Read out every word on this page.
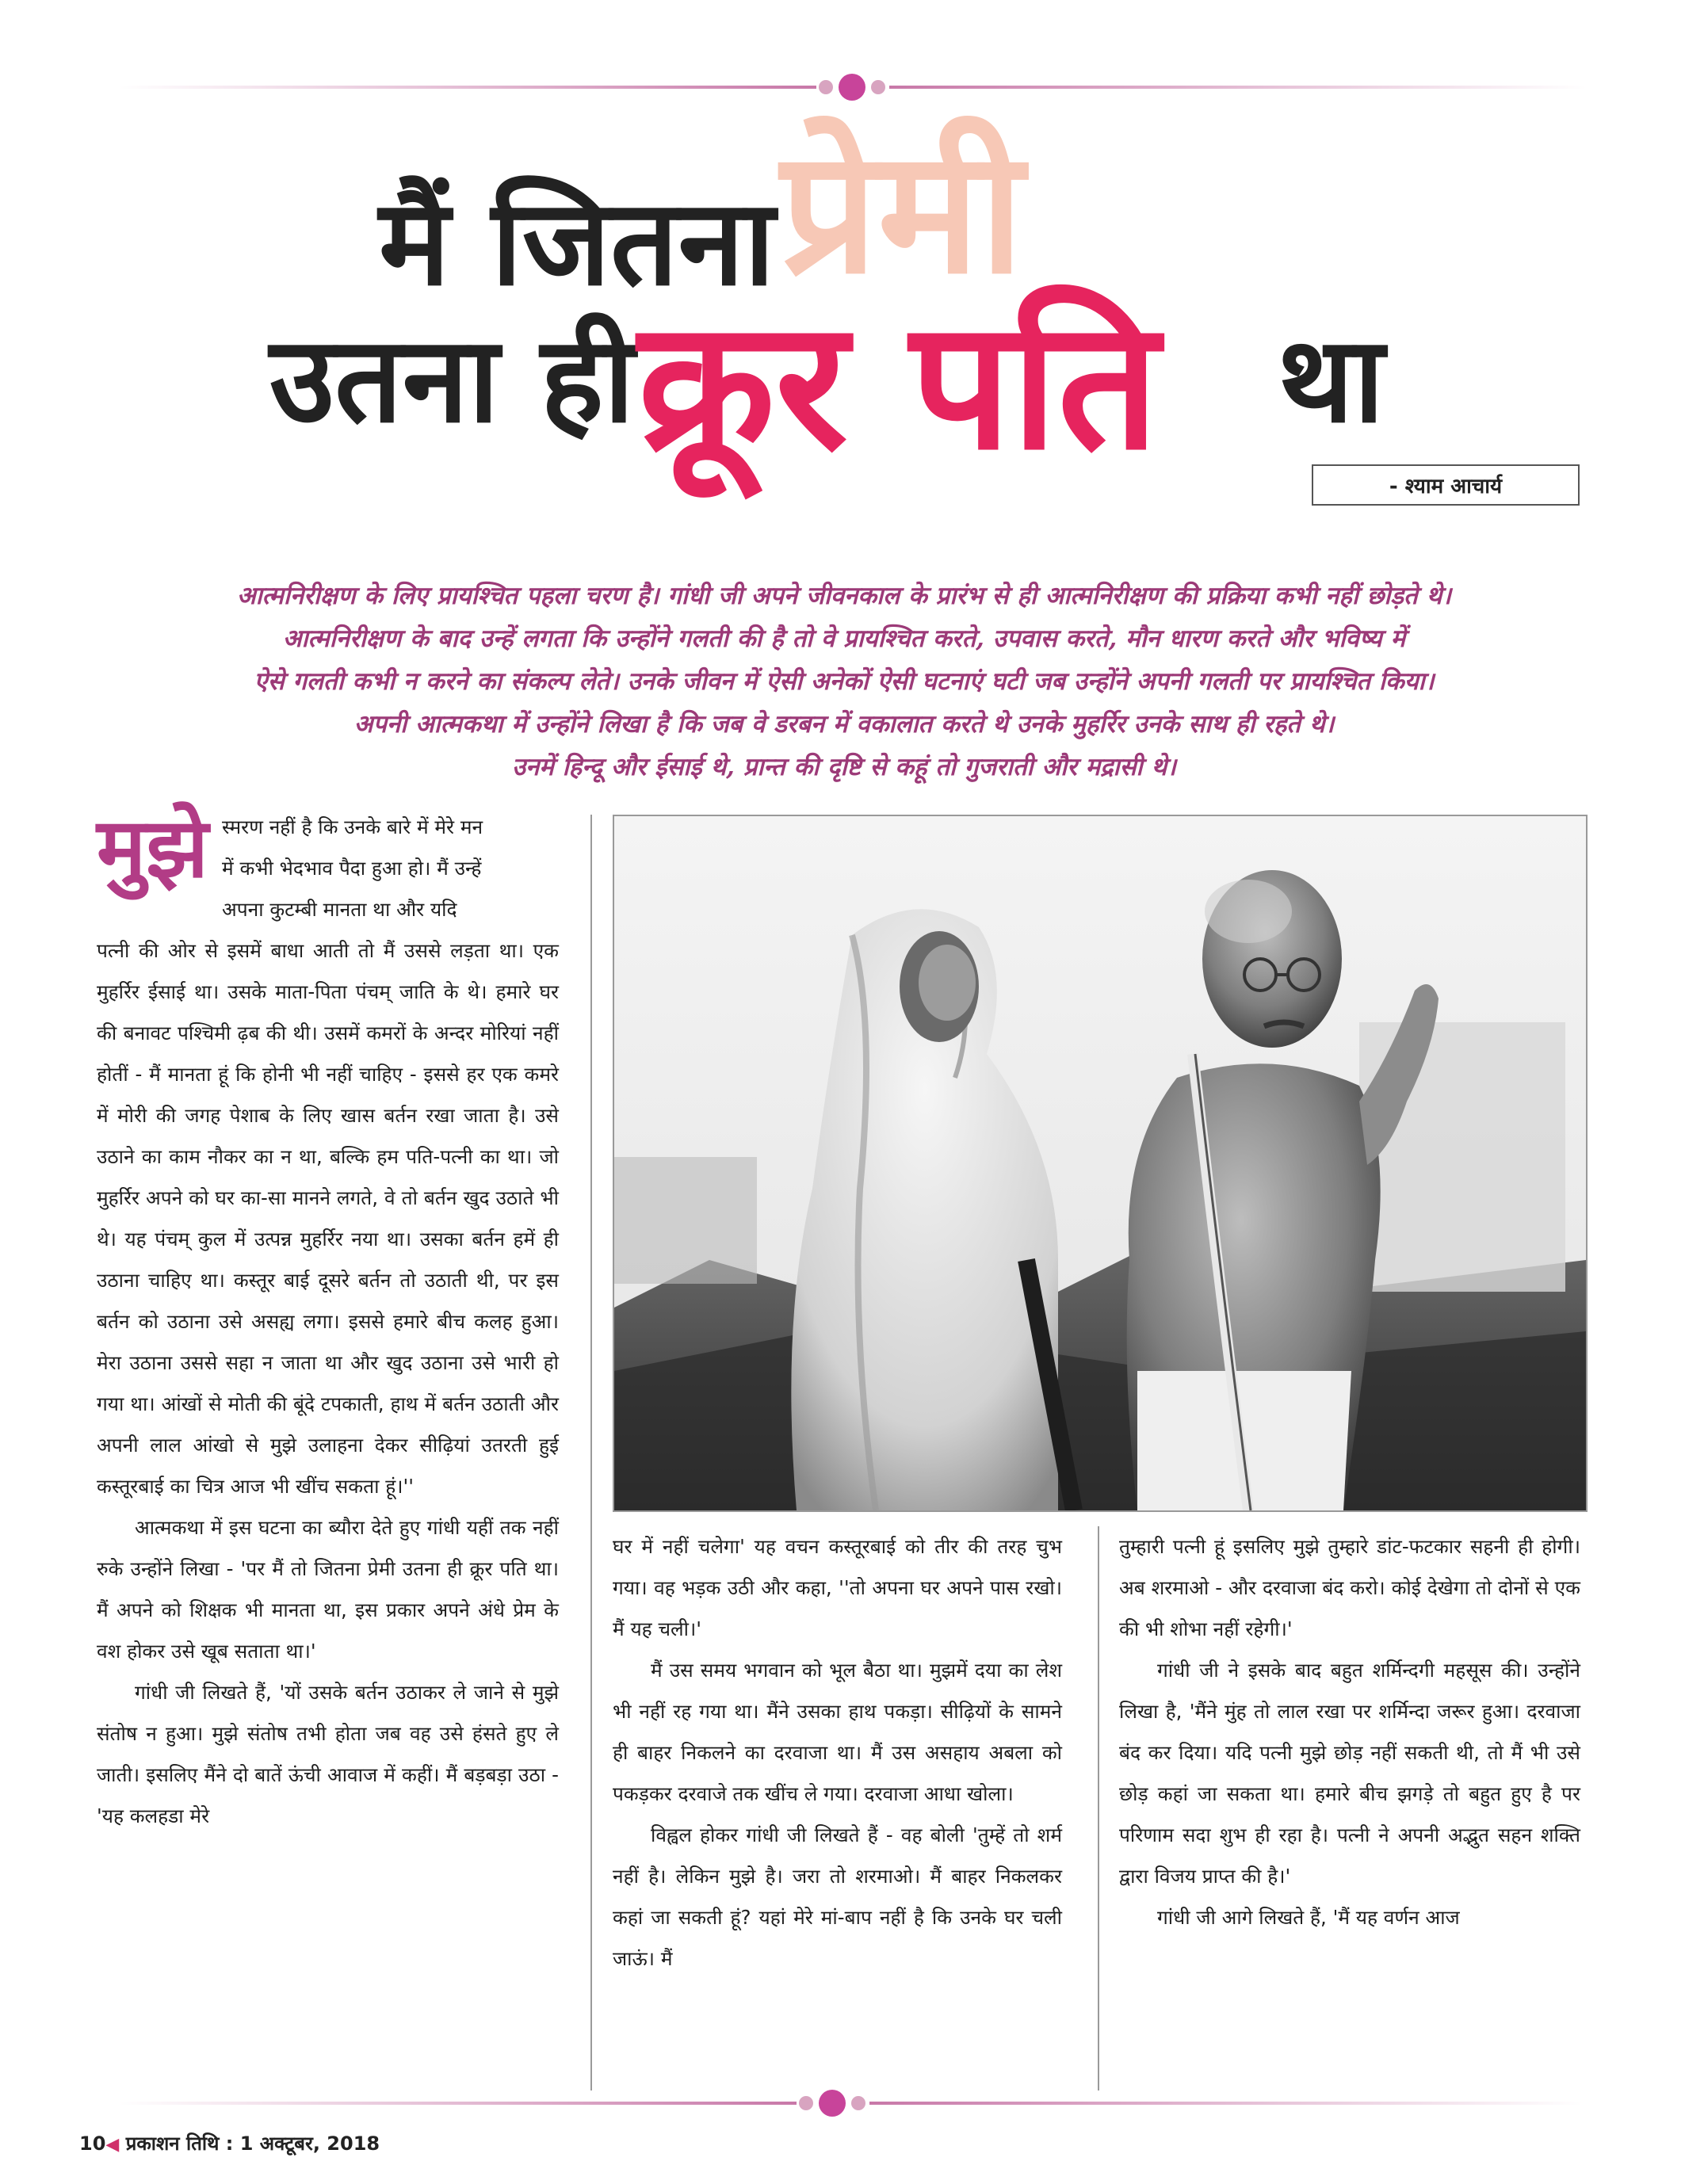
प्रेमी
मैं जितना
उतना ही क्रूर पति था
- श्याम आचार्य

आत्मनिरीक्षण के लिए प्रायश्चित पहला चरण है। गांधी जी अपने जीवनकाल के प्रारंभ से ही आत्मनिरीक्षण की प्रक्रिया कभी नहीं छोड़ते थे।

आत्मनिरीक्षण के बाद उन्हें लगता कि उन्होंने गलती की है तो वे प्रायश्चित करते, उपवास करते, मौन धारण करते और भविष्य में

ऐसे गलती कभी न करने का संकल्प लेते। उनके जीवन में ऐसी अनेकों ऐसी घटनाएं घटी जब उन्होंने अपनी गलती पर प्रायश्चित किया।

अपनी आत्मकथा में उन्होंने लिखा है कि जब वे डरबन में वकालात करते थे उनके मुहर्रिर उनके साथ ही रहते थे।

उनमें हिन्दू और ईसाई थे, प्रान्त की दृष्टि से कहूं तो गुजराती और मद्रासी थे।

मुझे स्मरण नहीं है कि उनके बारे में मेरे मन

में कभी भेदभाव पैदा हुआ हो। मैं उन्हें

अपना कुटम्बी मानता था और यदि

पत्नी की ओर से इसमें बाधा आती तो मैं उससे लड़ता था। एक मुहर्रिर ईसाई था। उसके माता-पिता पंचम् जाति के थे। हमारे घर की बनावट पश्चिमी ढ़ब की थी। उसमें कमरों के अन्दर मोरियां नहीं होतीं - मैं मानता हूं कि होनी भी नहीं चाहिए - इससे हर एक कमरे में मोरी की जगह पेशाब के लिए खास बर्तन रखा जाता है। उसे उठाने का काम नौकर का न था, बल्कि हम पति-पत्नी का था। जो मुहर्रिर अपने को घर का-सा मानने लगते, वे तो बर्तन खुद उठाते भी थे। यह पंचम् कुल में उत्पन्न मुहर्रिर नया था। उसका बर्तन हमें ही उठाना चाहिए था। कस्तूर बाई दूसरे बर्तन तो उठाती थी, पर इस बर्तन को उठाना उसे असह्य लगा। इससे हमारे बीच कलह हुआ। मेरा उठाना उससे सहा न जाता था और खुद उठाना उसे भारी हो गया था। आंखों से मोती की बूंदे टपकाती, हाथ में बर्तन उठाती और अपनी लाल आंखो से मुझे उलाहना देकर सीढ़ियां उतरती हुई कस्तूरबाई का चित्र आज भी खींच सकता हूं।''

आत्मकथा में इस घटना का ब्यौरा देते हुए गांधी यहीं तक नहीं रुके उन्होंने लिखा - 'पर मैं तो जितना प्रेमी उतना ही क्रूर पति था। मैं अपने को शिक्षक भी मानता था, इस प्रकार अपने अंधे प्रेम के वश होकर उसे खूब सताता था।'

गांधी जी लिखते हैं, 'यों उसके बर्तन उठाकर ले जाने से मुझे संतोष न हुआ। मुझे संतोष तभी होता जब वह उसे हंसते हुए ले जाती। इसलिए मैंने दो बातें ऊंची आवाज में कहीं। मैं बड़बड़ा उठा - 'यह कलहडा मेरे

घर में नहीं चलेगा' यह वचन कस्तूरबाई को तीर की तरह चुभ गया। वह भड़क उठी और कहा, ''तो अपना घर अपने पास रखो। मैं यह चली।'

मैं उस समय भगवान को भूल बैठा था। मुझमें दया का लेश भी नहीं रह गया था। मैंने उसका हाथ पकड़ा। सीढ़ियों के सामने ही बाहर निकलने का दरवाजा था। मैं उस असहाय अबला को पकड़कर दरवाजे तक खींच ले गया। दरवाजा आधा खोला।

विह्वल होकर गांधी जी लिखते हैं - वह बोली 'तुम्हें तो शर्म नहीं है। लेकिन मुझे है। जरा तो शरमाओ। मैं बाहर निकलकर कहां जा सकती हूं? यहां मेरे मां-बाप नहीं है कि उनके घर चली जाऊं। मैं

तुम्हारी पत्नी हूं इसलिए मुझे तुम्हारे डांट-फटकार सहनी ही होगी। अब शरमाओ - और दरवाजा बंद करो। कोई देखेगा तो दोनों से एक की भी शोभा नहीं रहेगी।'

गांधी जी ने इसके बाद बहुत शर्मिन्दगी महसूस की। उन्होंने लिखा है, 'मैंने मुंह तो लाल रखा पर शर्मिन्दा जरूर हुआ। दरवाजा बंद कर दिया। यदि पत्नी मुझे छोड़ नहीं सकती थी, तो मैं भी उसे छोड़ कहां जा सकता था। हमारे बीच झगड़े तो बहुत हुए है पर परिणाम सदा शुभ ही रहा है। पत्नी ने अपनी अद्भुत सहन शक्ति द्वारा विजय प्राप्त की है।'

गांधी जी आगे लिखते हैं, 'मैं यह वर्णन आज

10◀ प्रकाशन तिथि : 1 अक्टूबर, 2018
